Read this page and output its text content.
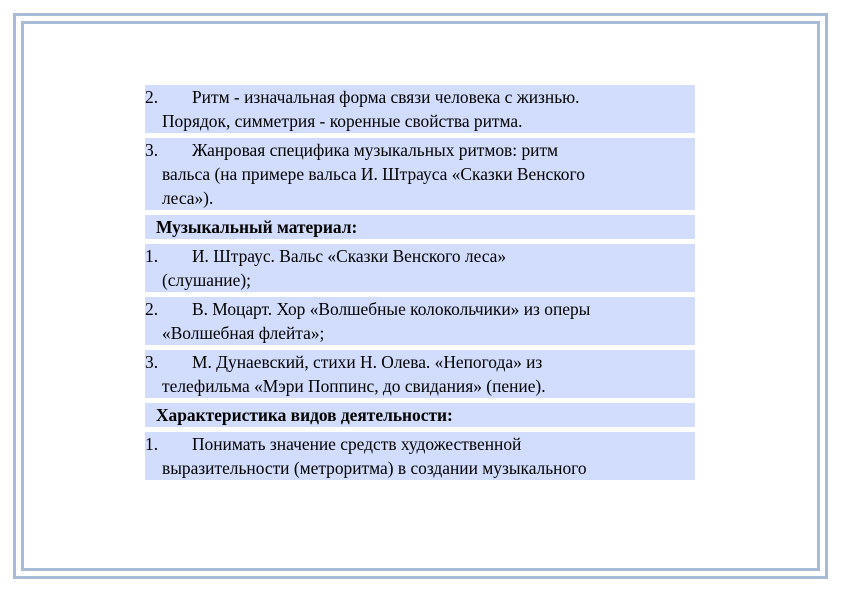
2.	Ритм - изначальная форма связи человека с жизнью.
Порядок, симметрия - коренные свойства ритма.
3.	Жанровая специфика музыкальных ритмов: ритм
вальса (на примере вальса И. Штрауса «Сказки Венского
леса»).
Музыкальный материал:
1.	И. Штраус. Вальс «Сказки Венского леса»
(слушание);
2.	В. Моцарт. Хор «Волшебные колокольчики» из оперы
«Волшебная флейта»;
3.	М. Дунаевский, стихи Н. Олева. «Непогода» из
телефильма «Мэри Поппинс, до свидания» (пение).
Характеристика видов деятельности:
1.	Понимать значение средств художественной
выразительности (метроритма) в создании музыкального
